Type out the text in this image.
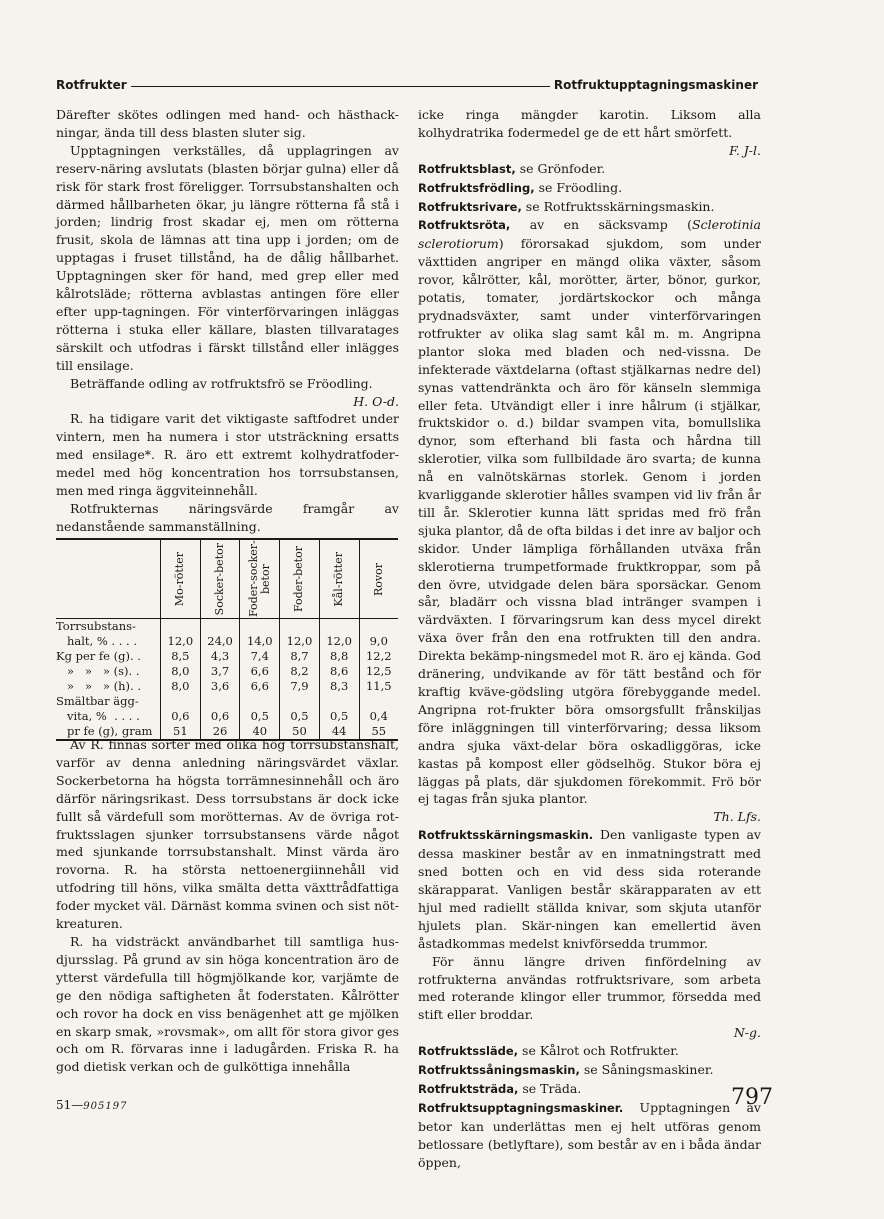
Rotfrukter	Rotfruktupptagningsmaskiner

Därefter skötes odlingen med hand- och hästhack-ningar, ända till dess blasten sluter sig.

Upptagningen verkställes, då upplagringen av reserv-näring avslutats (blasten börjar gulna) eller då risk för stark frost föreligger. Torrsubstanshalten och därmed hållbarheten ökar, ju längre rötterna få stå i jorden; lindrig frost skadar ej, men om rötterna frusit, skola de lämnas att tina upp i jorden; om de upptagas i fruset tillstånd, ha de dålig hållbarhet. Upptagningen sker för hand, med grep eller med kålrotsläde; rötterna avblastas antingen före eller efter upp-tagningen. För vinterförvaringen inläggas rötterna i stuka eller källare, blasten tillvaratages särskilt och utfodras i färskt tillstånd eller inlägges till ensilage.

Beträffande odling av rotfruktsfrö se Fröodling.

H. O-d.

R. ha tidigare varit det viktigaste saftfodret under vintern, men ha numera i stor utsträckning ersatts med ensilage*. R. äro ett extremt kolhydratfoder-medel med hög koncentration hos torrsubstansen, men med ringa äggviteinnehåll.

Rotfrukternas näringsvärde framgår av nedanstående sammanställning.

	Mo-rötter	Socker-betor	Foder-socker-betor	Foder-betor	Kål-rötter	Rovor

Torrsubstans-						
halt, % . . . .	12,0	24,0	14,0	12,0	12,0	9,0
Kg per fe (g). .	8,5	4,3	7,4	8,7	8,8	12,2
»   »   » (s). .	8,0	3,7	6,6	8,2	8,6	12,5
»   »   » (h). .	8,0	3,6	6,6	7,9	8,3	11,5
Smältbar ägg-						
vita, %  . . . .	0,6	0,6	0,5	0,5	0,5	0,4
pr fe (g), gram	51	26	40	50	44	55

Av R. finnas sorter med olika hög torrsubstanshalt, varför av denna anledning näringsvärdet växlar. Sockerbetorna ha högsta torrämnesinnehåll och äro därför näringsrikast. Dess torrsubstans är dock icke fullt så värdefull som morötternas. Av de övriga rot-fruktsslagen sjunker torrsubstansens värde något med sjunkande torrsubstanshalt. Minst värda äro rovorna. R. ha största nettoenergiinnehåll vid utfodring till höns, vilka smälta detta växttrådfattiga foder mycket väl. Därnäst komma svinen och sist nöt-kreaturen.

R. ha vidsträckt användbarhet till samtliga hus-djursslag. På grund av sin höga koncentration äro de ytterst värdefulla till högmjölkande kor, varjämte de ge den nödiga saftigheten åt foderstaten. Kålrötter och rovor ha dock en viss benägenhet att ge mjölken en skarp smak, »rovsmak», om allt för stora givor ges och om R. förvaras inne i ladugården. Friska R. ha god dietisk verkan och de gulköttiga innehålla

icke ringa mängder karotin. Liksom alla kolhydratrika fodermedel ge de ett hårt smörfett.

F. J-l.

Rotfruktsblast, se Grönfoder.

Rotfruktsfrödling, se Fröodling.

Rotfruktsrivare, se Rotfruktsskärningsmaskin.

Rotfruktsröta, av en säcksvamp (Sclerotinia sclerotiorum) förorsakad sjukdom, som under växttiden angriper en mängd olika växter, såsom rovor, kålrötter, kål, morötter, ärter, bönor, gurkor, potatis, tomater, jordärtskockor och många prydnadsväxter, samt under vinterförvaringen rotfrukter av olika slag samt kål m. m. Angripna plantor sloka med bladen och ned-vissna. De infekterade växtdelarna (oftast stjälkarnas nedre del) synas vattendränkta och äro för känseln slemmiga eller feta. Utvändigt eller i inre hålrum (i stjälkar, fruktskidor o. d.) bildar svampen vita, bomullslika dynor, som efterhand bli fasta och hårdna till sklerotier, vilka som fullbildade äro svarta; de kunna nå en valnötskärnas storlek. Genom i jorden kvarliggande sklerotier hålles svampen vid liv från år till år. Sklerotier kunna lätt spridas med frö från sjuka plantor, då de ofta bildas i det inre av baljor och skidor. Under lämpliga förhållanden utväxa från sklerotierna trumpetformade fruktkroppar, som på den övre, utvidgade delen bära sporsäckar. Genom sår, bladärr och vissna blad intränger svampen i värdväxten. I förvaringsrum kan dess mycel direkt växa över från den ena rotfrukten till den andra. Direkta bekämp-ningsmedel mot R. äro ej kända. God dränering, undvikande av för tätt bestånd och för kraftig kväve-gödsling utgöra förebyggande medel. Angripna rot-frukter böra omsorgsfullt frånskiljas före inläggningen till vinterförvaring; dessa liksom andra sjuka växt-delar böra oskadliggöras, icke kastas på kompost eller gödselhög. Stukor böra ej läggas på plats, där sjukdomen förekommit. Frö bör ej tagas från sjuka plantor.

Th. Lfs.

Rotfruktsskärningsmaskin. Den vanligaste typen av dessa maskiner består av en inmatningstratt med sned botten och en vid dess sida roterande skärapparat. Vanligen består skärapparaten av ett hjul med radiellt ställda knivar, som skjuta utanför hjulets plan. Skär-ningen kan emellertid även åstadkommas medelst knivförsedda trummor.

För ännu längre driven finfördelning av rotfrukterna användas rotfruktsrivare, som arbeta med roterande klingor eller trummor, försedda med stift eller broddar.

N-g.

Rotfruktssläde, se Kålrot och Rotfrukter.

Rotfruktssåningsmaskin, se Såningsmaskiner.

Rotfruktsträda, se Träda.

Rotfruktsupptagningsmaskiner. Upptagningen av betor kan underlättas men ej helt utföras genom betlossare (betlyftare), som består av en i båda ändar öppen,

51—905197	797
